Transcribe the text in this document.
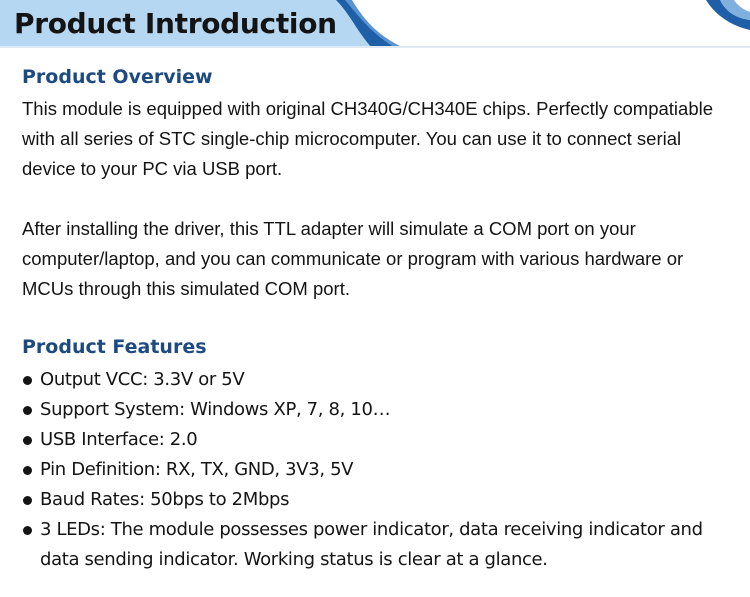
Product Introduction
Product Overview

This module is equipped with original CH340G/CH340E chips. Perfectly compatiable with all series of STC single-chip microcomputer. You can use it to connect serial device to your PC via USB port.

After installing the driver, this TTL adapter will simulate a COM port on your computer/laptop, and you can communicate or program with various hardware or MCUs through this simulated COM port.

Product Features
Output VCC: 3.3V or 5V
Support System: Windows XP, 7, 8, 10…
USB Interface: 2.0
Pin Definition: RX, TX, GND, 3V3, 5V
Baud Rates: 50bps to 2Mbps
3 LEDs: The module possesses power indicator, data receiving indicator and data sending indicator. Working status is clear at a glance.
